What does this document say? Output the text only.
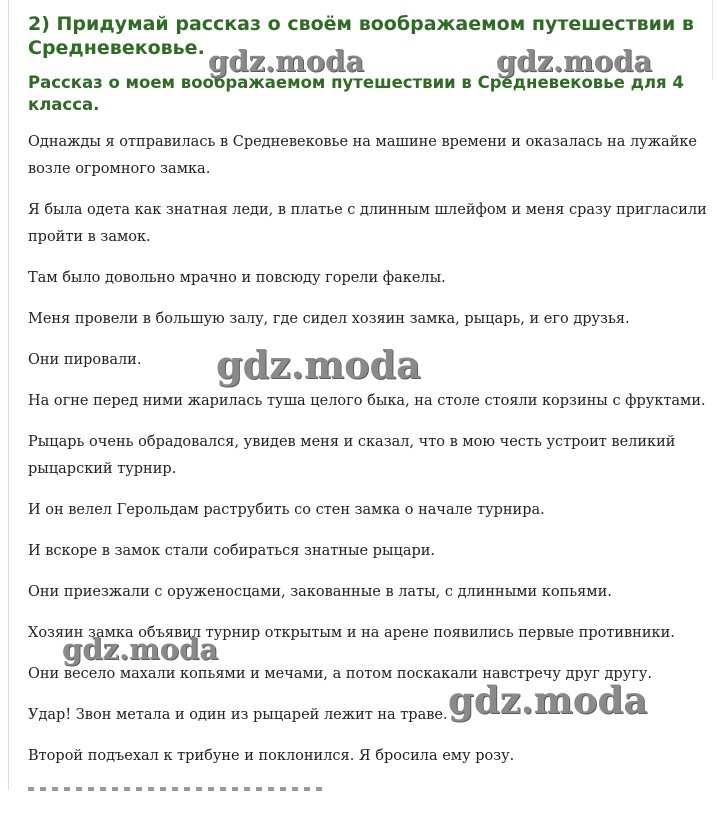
2) Придумай рассказ о своём воображаемом путешествии в Средневековье.
Рассказ о моем воображаемом путешествии в Средневековье для 4 класса.

Однажды я отправилась в Средневековье на машине времени и оказалась на лужайке
возле огромного замка.

Я была одета как знатная леди, в платье с длинным шлейфом и меня сразу пригласили
пройти в замок.

Там было довольно мрачно и повсюду горели факелы.

Меня провели в большую залу, где сидел хозяин замка, рыцарь, и его друзья.

Они пировали.

На огне перед ними жарилась туша целого быка, на столе стояли корзины с фруктами.

Рыцарь очень обрадовался, увидев меня и сказал, что в мою честь устроит великий
рыцарский турнир.

И он велел Герольдам раструбить со стен замка о начале турнира.

И вскоре в замок стали собираться знатные рыцари.

Они приезжали с оруженосцами, закованные в латы, с длинными копьями.

Хозяин замка объявил турнир открытым и на арене появились первые противники.

Они весело махали копьями и мечами, а потом поскакали навстречу друг другу.

Удар! Звон метала и один из рыцарей лежит на траве.

Второй подъехал к трибуне и поклонился. Я бросила ему розу.

gdz.moda	gdz.moda
gdz.moda
gdz.moda
gdz.moda
